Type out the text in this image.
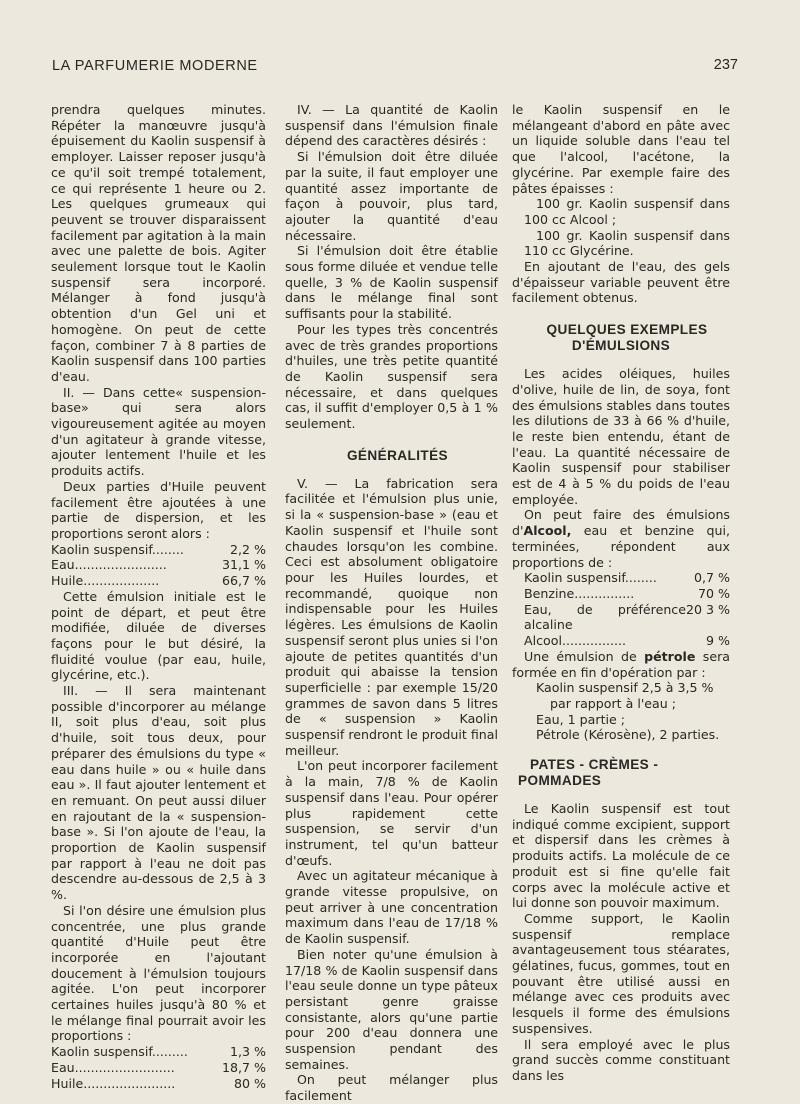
LA PARFUMERIE MODERNE	237

prendra quelques minutes. Répéter la manœuvre jusqu'à épuisement du Kaolin suspensif à employer. Laisser reposer jusqu'à ce qu'il soit trempé totalement, ce qui représente 1 heure ou 2. Les quelques grumeaux qui peuvent se trouver disparaissent facilement par agitation à la main avec une palette de bois. Agiter seulement lorsque tout le Kaolin suspensif sera incorporé. Mélanger à fond jusqu'à obtention d'un Gel uni et homogène. On peut de cette façon, combiner 7 à 8 parties de Kaolin suspensif dans 100 parties d'eau.

II. — Dans cette« suspension-base» qui sera alors vigoureusement agitée au moyen d'un agitateur à grande vitesse, ajouter lentement l'huile et les produits actifs.

Deux parties d'Huile peuvent facilement être ajoutées à une partie de dispersion, et les proportions seront alors :

Kaolin suspensif........	2,2 %
Eau.......................	31,1 %
Huile...................	66,7 %

Cette émulsion initiale est le point de départ, et peut être modifiée, diluée de diverses façons pour le but désiré, la fluidité voulue (par eau, huile, glycérine, etc.).

III. — Il sera maintenant possible d'incorporer au mélange II, soit plus d'eau, soit plus d'huile, soit tous deux, pour préparer des émulsions du type « eau dans huile » ou « huile dans eau ». Il faut ajouter lentement et en remuant. On peut aussi diluer en rajoutant de la « suspension-base ». Si l'on ajoute de l'eau, la proportion de Kaolin suspensif par rapport à l'eau ne doit pas descendre au-dessous de 2,5 à 3 %.

Si l'on désire une émulsion plus concentrée, une plus grande quantité d'Huile peut être incorporée en l'ajoutant doucement à l'émulsion toujours agitée. L'on peut incorporer certaines huiles jusqu'à 80 % et le mélange final pourrait avoir les proportions :

Kaolin suspensif.........	1,3 %
Eau.........................	18,7 %
Huile.......................	80 %

IV. — La quantité de Kaolin suspensif dans l'émulsion finale dépend des caractères désirés :

Si l'émulsion doit être diluée par la suite, il faut employer une quantité assez importante de façon à pouvoir, plus tard, ajouter la quantité d'eau nécessaire.

Si l'émulsion doit être établie sous forme diluée et vendue telle quelle, 3 % de Kaolin suspensif dans le mélange final sont suffisants pour la stabilité.

Pour les types très concentrés avec de très grandes proportions d'huiles, une très petite quantité de Kaolin suspensif sera nécessaire, et dans quelques cas, il suffit d'employer 0,5 à 1 % seulement.

GÉNÉRALITÉS

V. — La fabrication sera facilitée et l'émulsion plus unie, si la « suspension-base » (eau et Kaolin suspensif et l'huile sont chaudes lorsqu'on les combine. Ceci est absolument obligatoire pour les Huiles lourdes, et recommandé, quoique non indispensable pour les Huiles légères. Les émulsions de Kaolin suspensif seront plus unies si l'on ajoute de petites quantités d'un produit qui abaisse la tension superficielle : par exemple 15/20 grammes de savon dans 5 litres de « suspension » Kaolin suspensif rendront le produit final meilleur.

L'on peut incorporer facilement à la main, 7/8 % de Kaolin suspensif dans l'eau. Pour opérer plus rapidement cette suspension, se servir d'un instrument, tel qu'un batteur d'œufs.

Avec un agitateur mécanique à grande vitesse propulsive, on peut arriver à une concentration maximum dans l'eau de 17/18 % de Kaolin suspensif.

Bien noter qu'une émulsion à 17/18 % de Kaolin suspensif dans l'eau seule donne un type pâteux persistant genre graisse consistante, alors qu'une partie pour 200 d'eau donnera une suspension pendant des semaines.

On peut mélanger plus facilement

le Kaolin suspensif en le mélangeant d'abord en pâte avec un liquide soluble dans l'eau tel que l'alcool, l'acétone, la glycérine. Par exemple faire des pâtes épaisses :

100 gr. Kaolin suspensif dans 100 cc Alcool ;

100 gr. Kaolin suspensif dans 110 cc Glycérine.

En ajoutant de l'eau, des gels d'épaisseur variable peuvent être facilement obtenus.

QUELQUES EXEMPLES D'ÉMULSIONS

Les acides oléiques, huiles d'olive, huile de lin, de soya, font des émulsions stables dans toutes les dilutions de 33 à 66 % d'huile, le reste bien entendu, étant de l'eau. La quantité nécessaire de Kaolin suspensif pour stabiliser est de 4 à 5 % du poids de l'eau employée.

On peut faire des émulsions d'Alcool, eau et benzine qui, terminées, répondent aux proportions de :

Kaolin suspensif........	0,7 %
Benzine...............	70 %
Eau, de préférence alcaline	20 3 %
Alcool................	9 %

Une émulsion de pétrole sera formée en fin d'opération par :

Kaolin suspensif 2,5 à 3,5 %

par rapport à l'eau ;

Eau, 1 partie ;

Pétrole (Kérosène), 2 parties.

PATES - CRÈMES - POMMADES

Le Kaolin suspensif est tout indiqué comme excipient, support et dispersif dans les crèmes à produits actifs. La molécule de ce produit est si fine qu'elle fait corps avec la molécule active et lui donne son pouvoir maximum.

Comme support, le Kaolin suspensif remplace avantageusement tous stéarates, gélatines, fucus, gommes, tout en pouvant être utilisé aussi en mélange avec ces produits avec lesquels il forme des émulsions suspensives.

Il sera employé avec le plus grand succès comme constituant dans les
